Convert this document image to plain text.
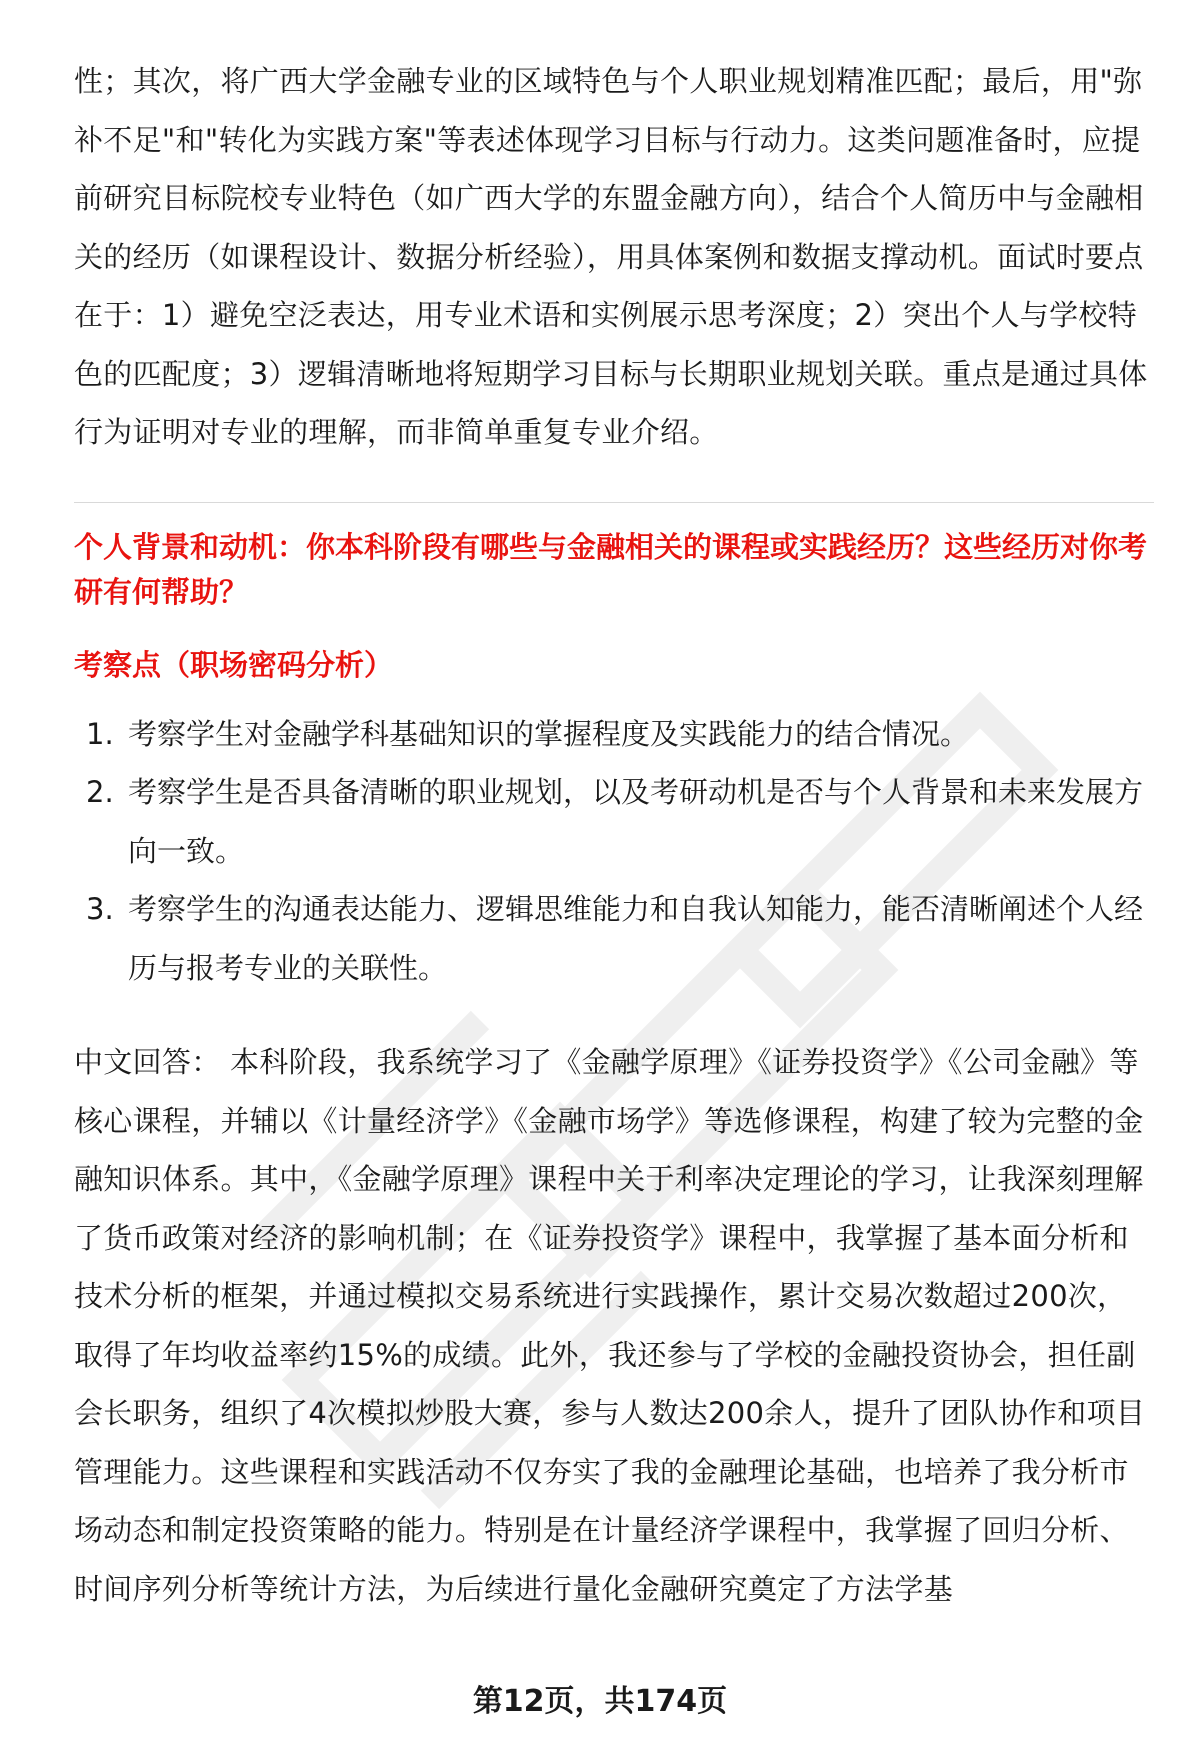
性；其次，将广西大学金融专业的区域特色与个人职业规划精准匹配；最后，用"弥补不足"和"转化为实践方案"等表述体现学习目标与行动力。这类问题准备时，应提前研究目标院校专业特色（如广西大学的东盟金融方向），结合个人简历中与金融相关的经历（如课程设计、数据分析经验），用具体案例和数据支撑动机。面试时要点在于：1）避免空泛表达，用专业术语和实例展示思考深度；2）突出个人与学校特色的匹配度；3）逻辑清晰地将短期学习目标与长期职业规划关联。重点是通过具体行为证明对专业的理解，而非简单重复专业介绍。

个人背景和动机：你本科阶段有哪些与金融相关的课程或实践经历？这些经历对你考研有何帮助？

考察点（职场密码分析）

1. 考察学生对金融学科基础知识的掌握程度及实践能力的结合情况。
2. 考察学生是否具备清晰的职业规划，以及考研动机是否与个人背景和未来发展方向一致。
3. 考察学生的沟通表达能力、逻辑思维能力和自我认知能力，能否清晰阐述个人经历与报考专业的关联性。

中文回答： 本科阶段，我系统学习了《金融学原理》《证券投资学》《公司金融》等核心课程，并辅以《计量经济学》《金融市场学》等选修课程，构建了较为完整的金融知识体系。其中，《金融学原理》课程中关于利率决定理论的学习，让我深刻理解了货币政策对经济的影响机制；在《证券投资学》课程中，我掌握了基本面分析和技术分析的框架，并通过模拟交易系统进行实践操作，累计交易次数超过200次，取得了年均收益率约15%的成绩。此外，我还参与了学校的金融投资协会，担任副会长职务，组织了4次模拟炒股大赛，参与人数达200余人，提升了团队协作和项目管理能力。这些课程和实践活动不仅夯实了我的金融理论基础，也培养了我分析市场动态和制定投资策略的能力。特别是在计量经济学课程中，我掌握了回归分析、时间序列分析等统计方法，为后续进行量化金融研究奠定了方法学基

第12页，共174页
